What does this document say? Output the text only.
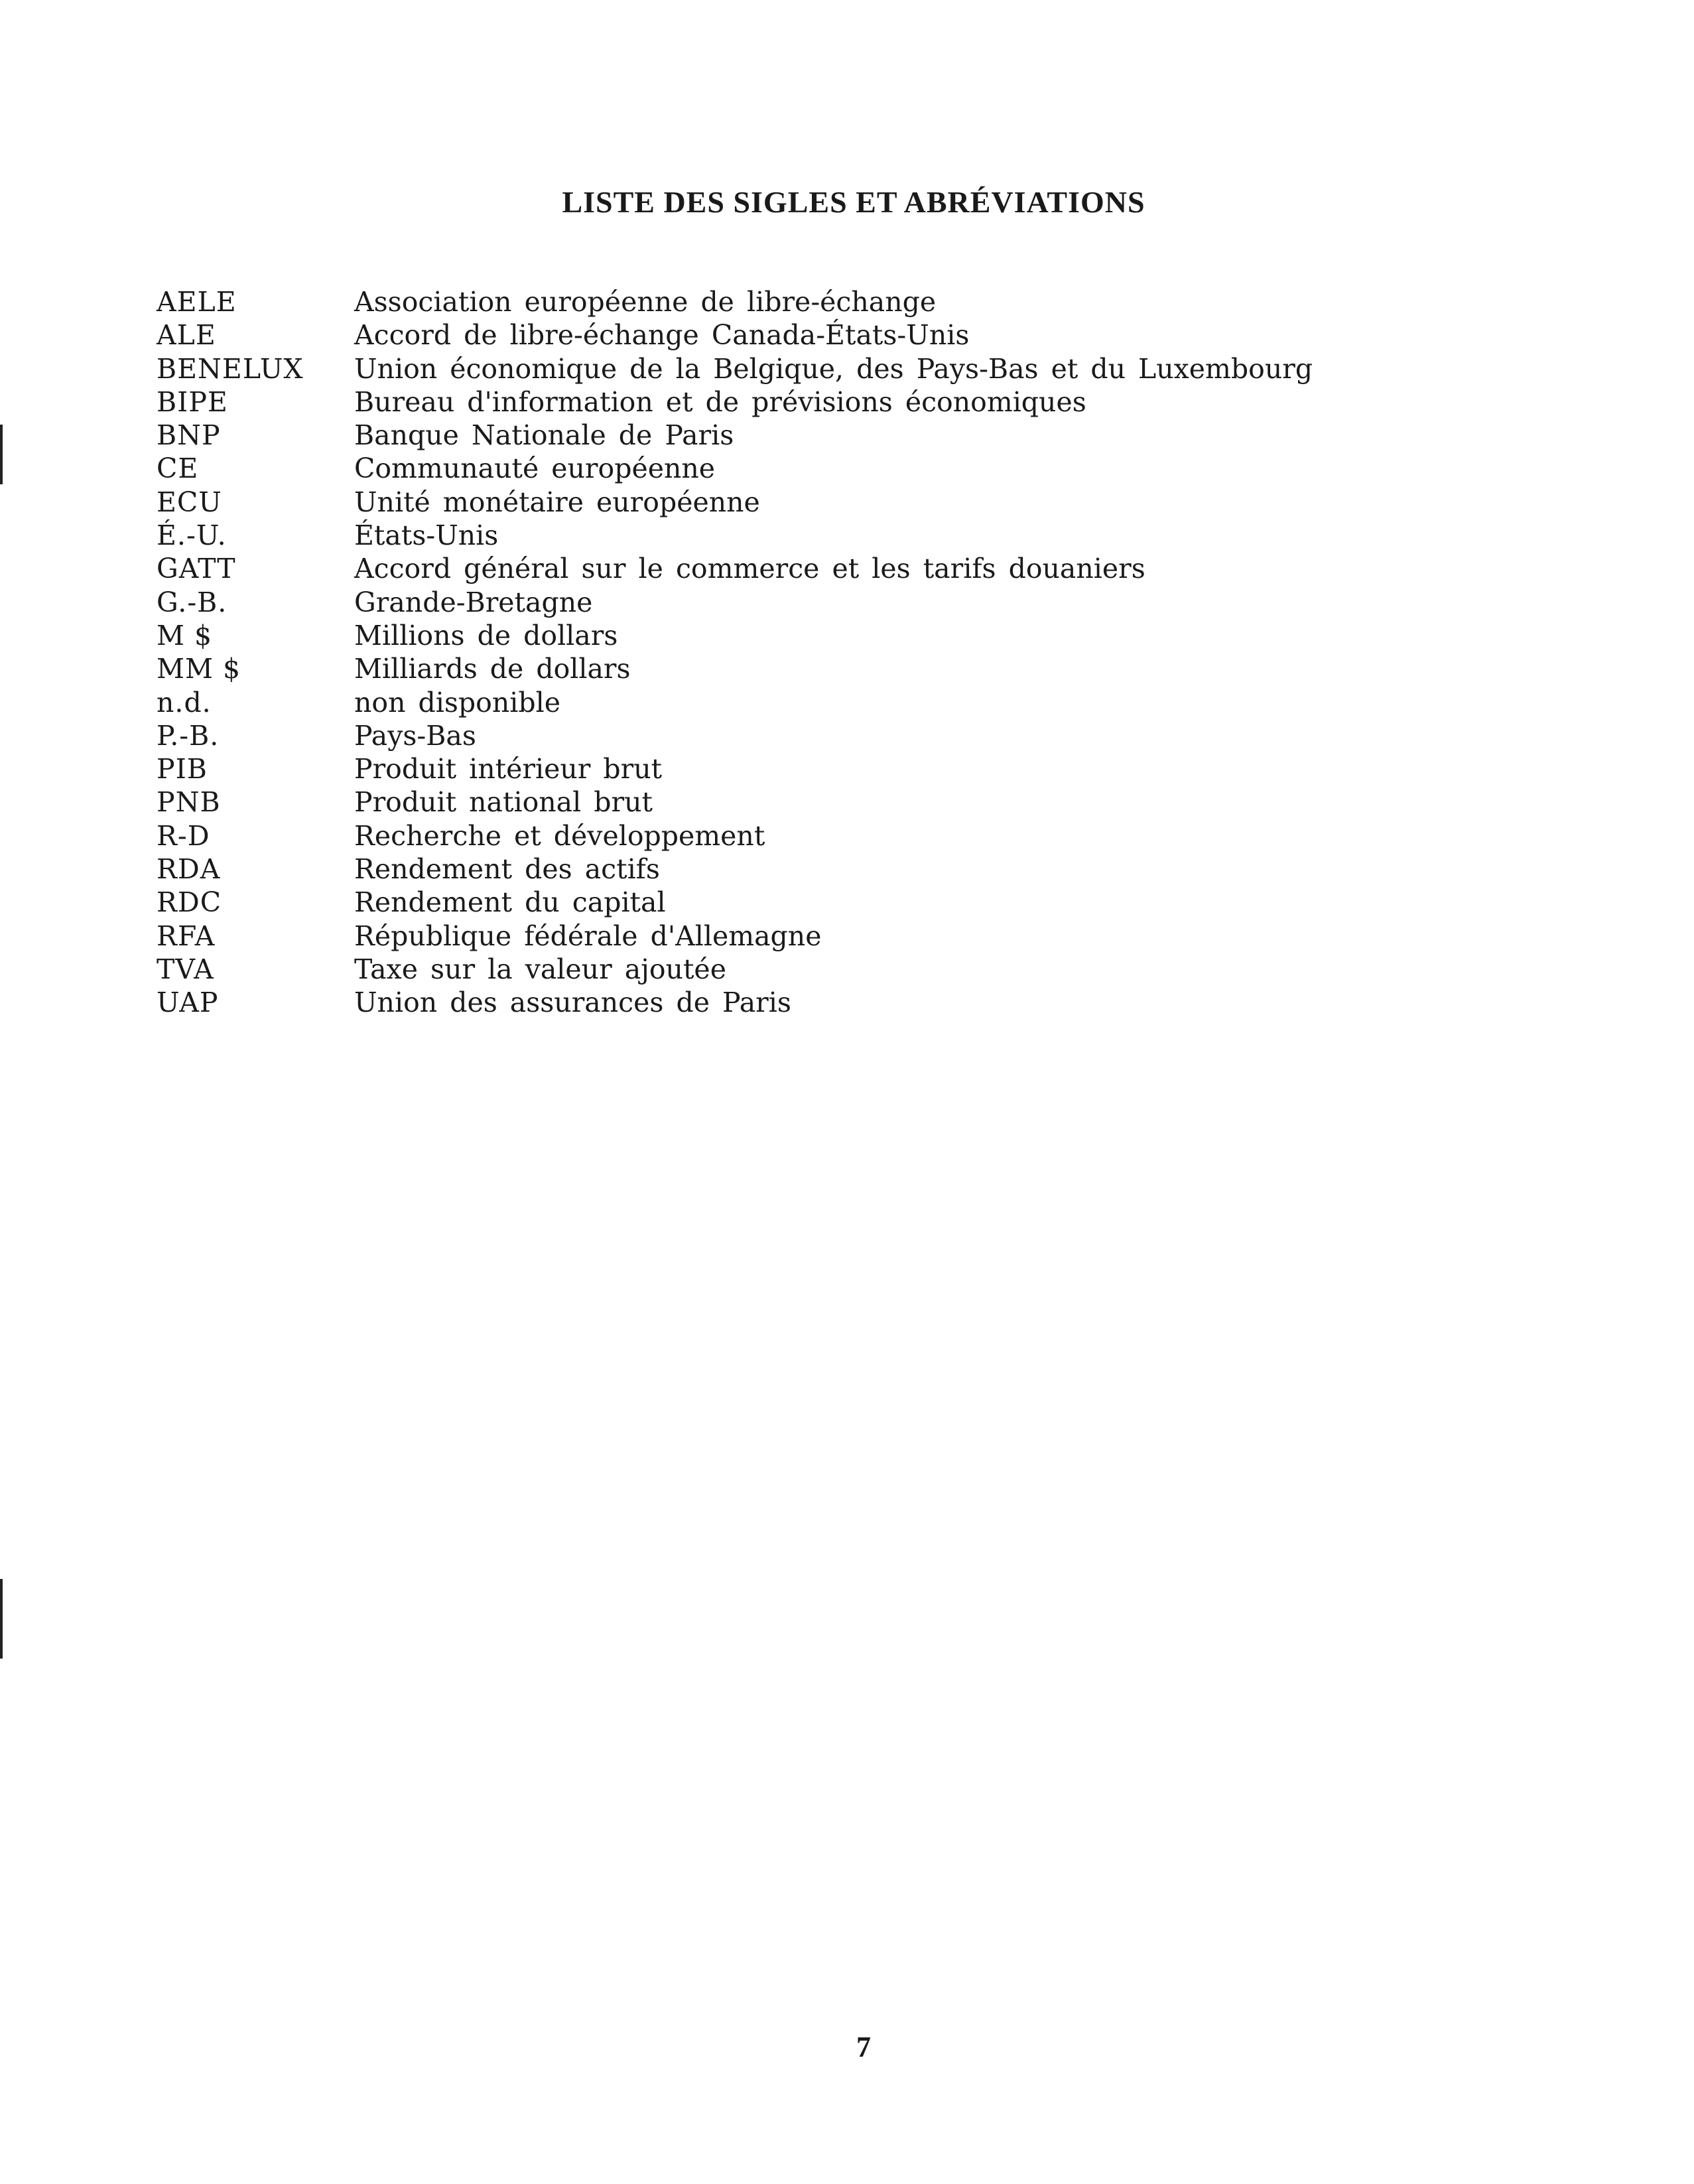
LISTE DES SIGLES ET ABRÉVIATIONS
AELE	Association européenne de libre-échange
ALE	Accord de libre-échange Canada-États-Unis
BENELUX	Union économique de la Belgique, des Pays-Bas et du Luxembourg
BIPE	Bureau d'information et de prévisions économiques
BNP	Banque Nationale de Paris
CE	Communauté européenne
ECU	Unité monétaire européenne
É.-U.	États-Unis
GATT	Accord général sur le commerce et les tarifs douaniers
G.-B.	Grande-Bretagne
M $	Millions de dollars
MM $	Milliards de dollars
n.d.	non disponible
P.-B.	Pays-Bas
PIB	Produit intérieur brut
PNB	Produit national brut
R-D	Recherche et développement
RDA	Rendement des actifs
RDC	Rendement du capital
RFA	République fédérale d'Allemagne
TVA	Taxe sur la valeur ajoutée
UAP	Union des assurances de Paris
7
